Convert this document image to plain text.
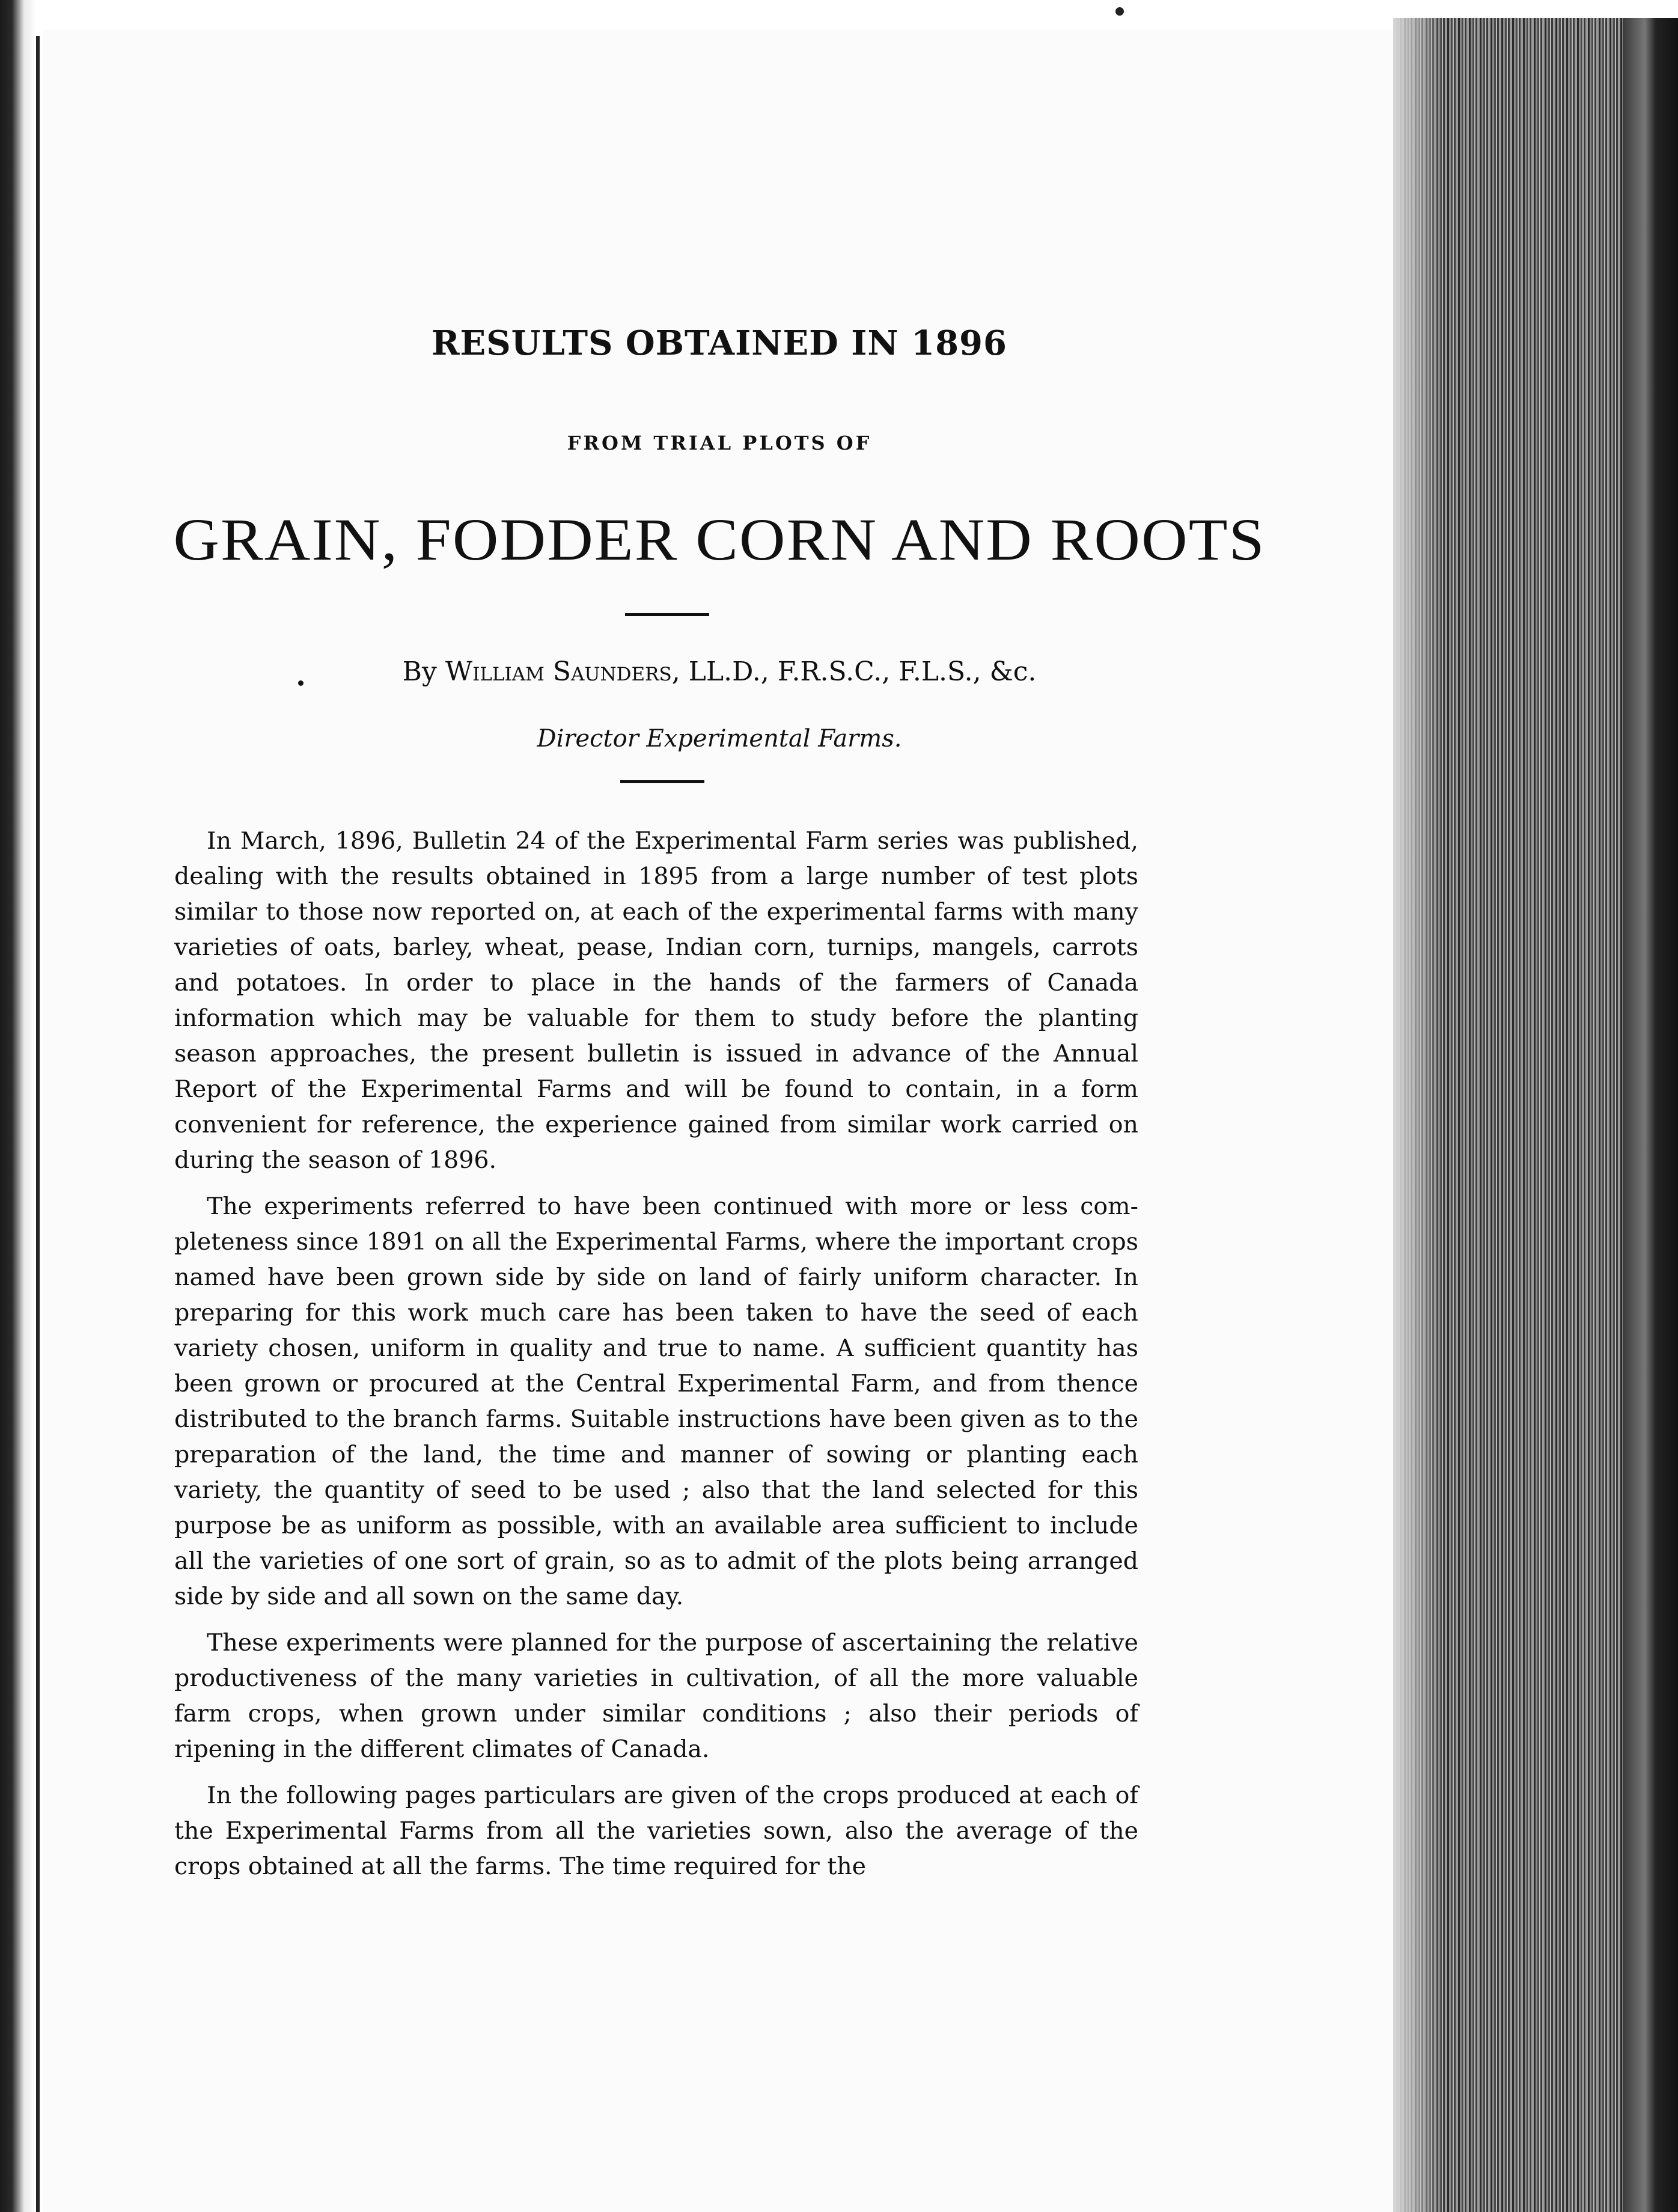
RESULTS OBTAINED IN 1896
FROM TRIAL PLOTS OF
GRAIN, FODDER CORN AND ROOTS
By William Saunders, LL.D., F.R.S.C., F.L.S., &c.
Director Experimental Farms.

In March, 1896, Bulletin 24 of the Experimental Farm series was published, dealing with the results obtained in 1895 from a large number of test plots similar to those now reported on, at each of the experimental farms with many varieties of oats, barley, wheat, pease, Indian corn, turnips, mangels, carrots and potatoes. In order to place in the hands of the farmers of Canada information which may be valuable for them to study before the planting season approaches, the present bulletin is issued in advance of the Annual Report of the Experimental Farms and will be found to contain, in a form convenient for reference, the experience gained from similar work carried on during the season of 1896.

The experiments referred to have been continued with more or less completeness since 1891 on all the Experimental Farms, where the important crops named have been grown side by side on land of fairly uniform character. In preparing for this work much care has been taken to have the seed of each variety chosen, uniform in quality and true to name. A sufficient quantity has been grown or procured at the Central Experimental Farm, and from thence distributed to the branch farms. Suitable instructions have been given as to the preparation of the land, the time and manner of sowing or planting each variety, the quantity of seed to be used ; also that the land selected for this purpose be as uniform as possible, with an available area sufficient to include all the varieties of one sort of grain, so as to admit of the plots being arranged side by side and all sown on the same day.

These experiments were planned for the purpose of ascertaining the relative productiveness of the many varieties in cultivation, of all the more valuable farm crops, when grown under similar conditions ; also their periods of ripening in the different climates of Canada.

In the following pages particulars are given of the crops produced at each of the Experimental Farms from all the varieties sown, also the average of the crops obtained at all the farms. The time required for the
